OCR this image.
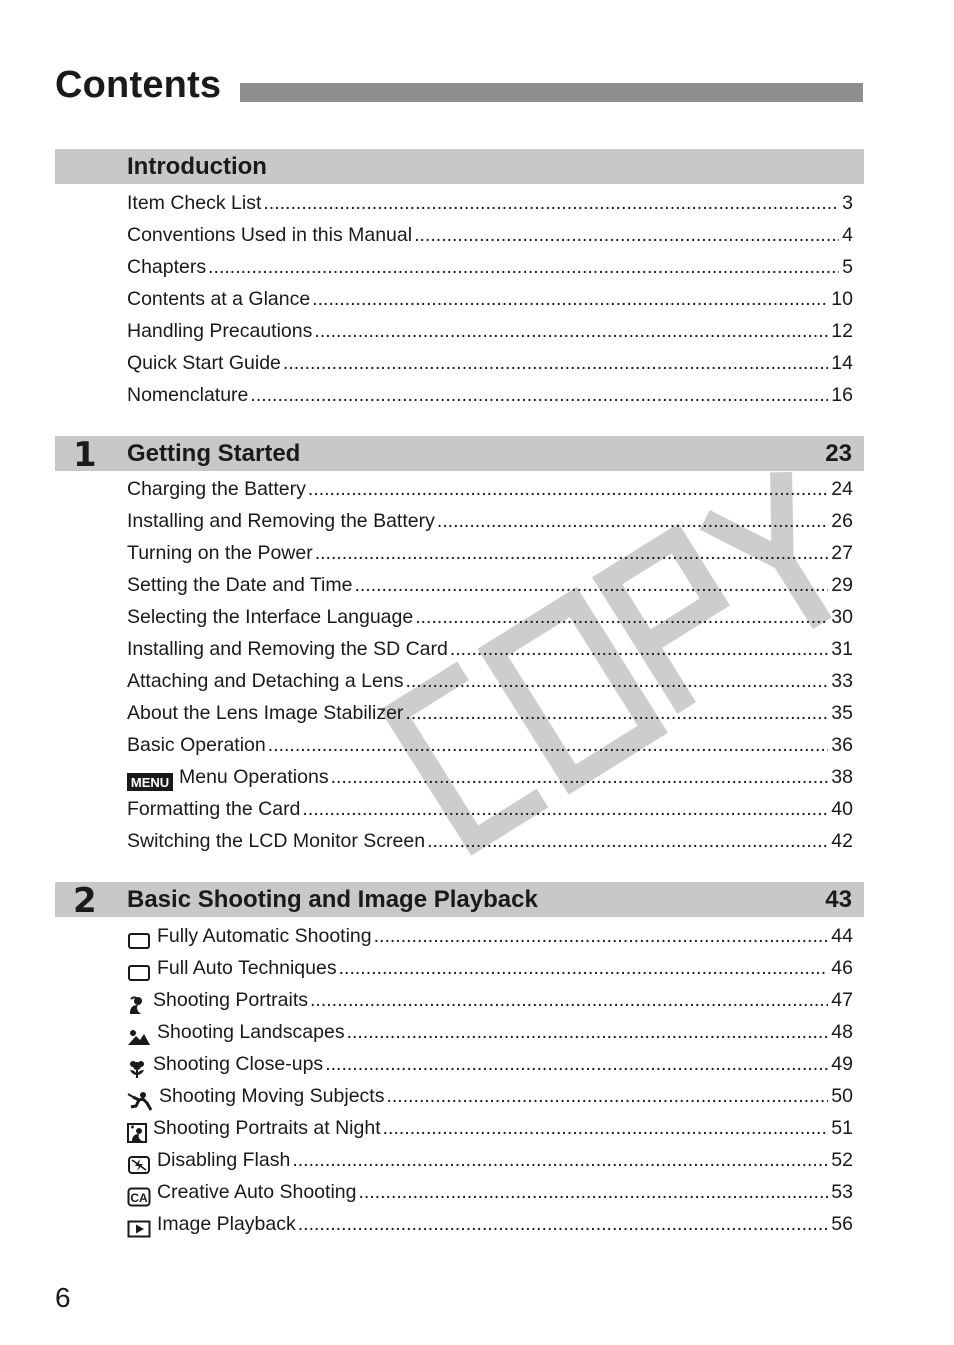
Contents
Introduction
Item Check List .....	3
Conventions Used in this Manual .....	4
Chapters .....	5
Contents at a Glance .....	10
Handling Precautions .....	12
Quick Start Guide .....	14
Nomenclature .....	16
1 Getting Started	23
Charging the Battery .....	24
Installing and Removing the Battery .....	26
Turning on the Power .....	27
Setting the Date and Time .....	29
Selecting the Interface Language .....	30
Installing and Removing the SD Card .....	31
Attaching and Detaching a Lens .....	33
About the Lens Image Stabilizer .....	35
Basic Operation .....	36
MENU Menu Operations .....	38
Formatting the Card .....	40
Switching the LCD Monitor Screen .....	42
2 Basic Shooting and Image Playback	43
Fully Automatic Shooting .....	44
Full Auto Techniques .....	46
Shooting Portraits .....	47
Shooting Landscapes .....	48
Shooting Close-ups .....	49
Shooting Moving Subjects .....	50
Shooting Portraits at Night .....	51
Disabling Flash .....	52
CA Creative Auto Shooting .....	53
Image Playback .....	56
6
